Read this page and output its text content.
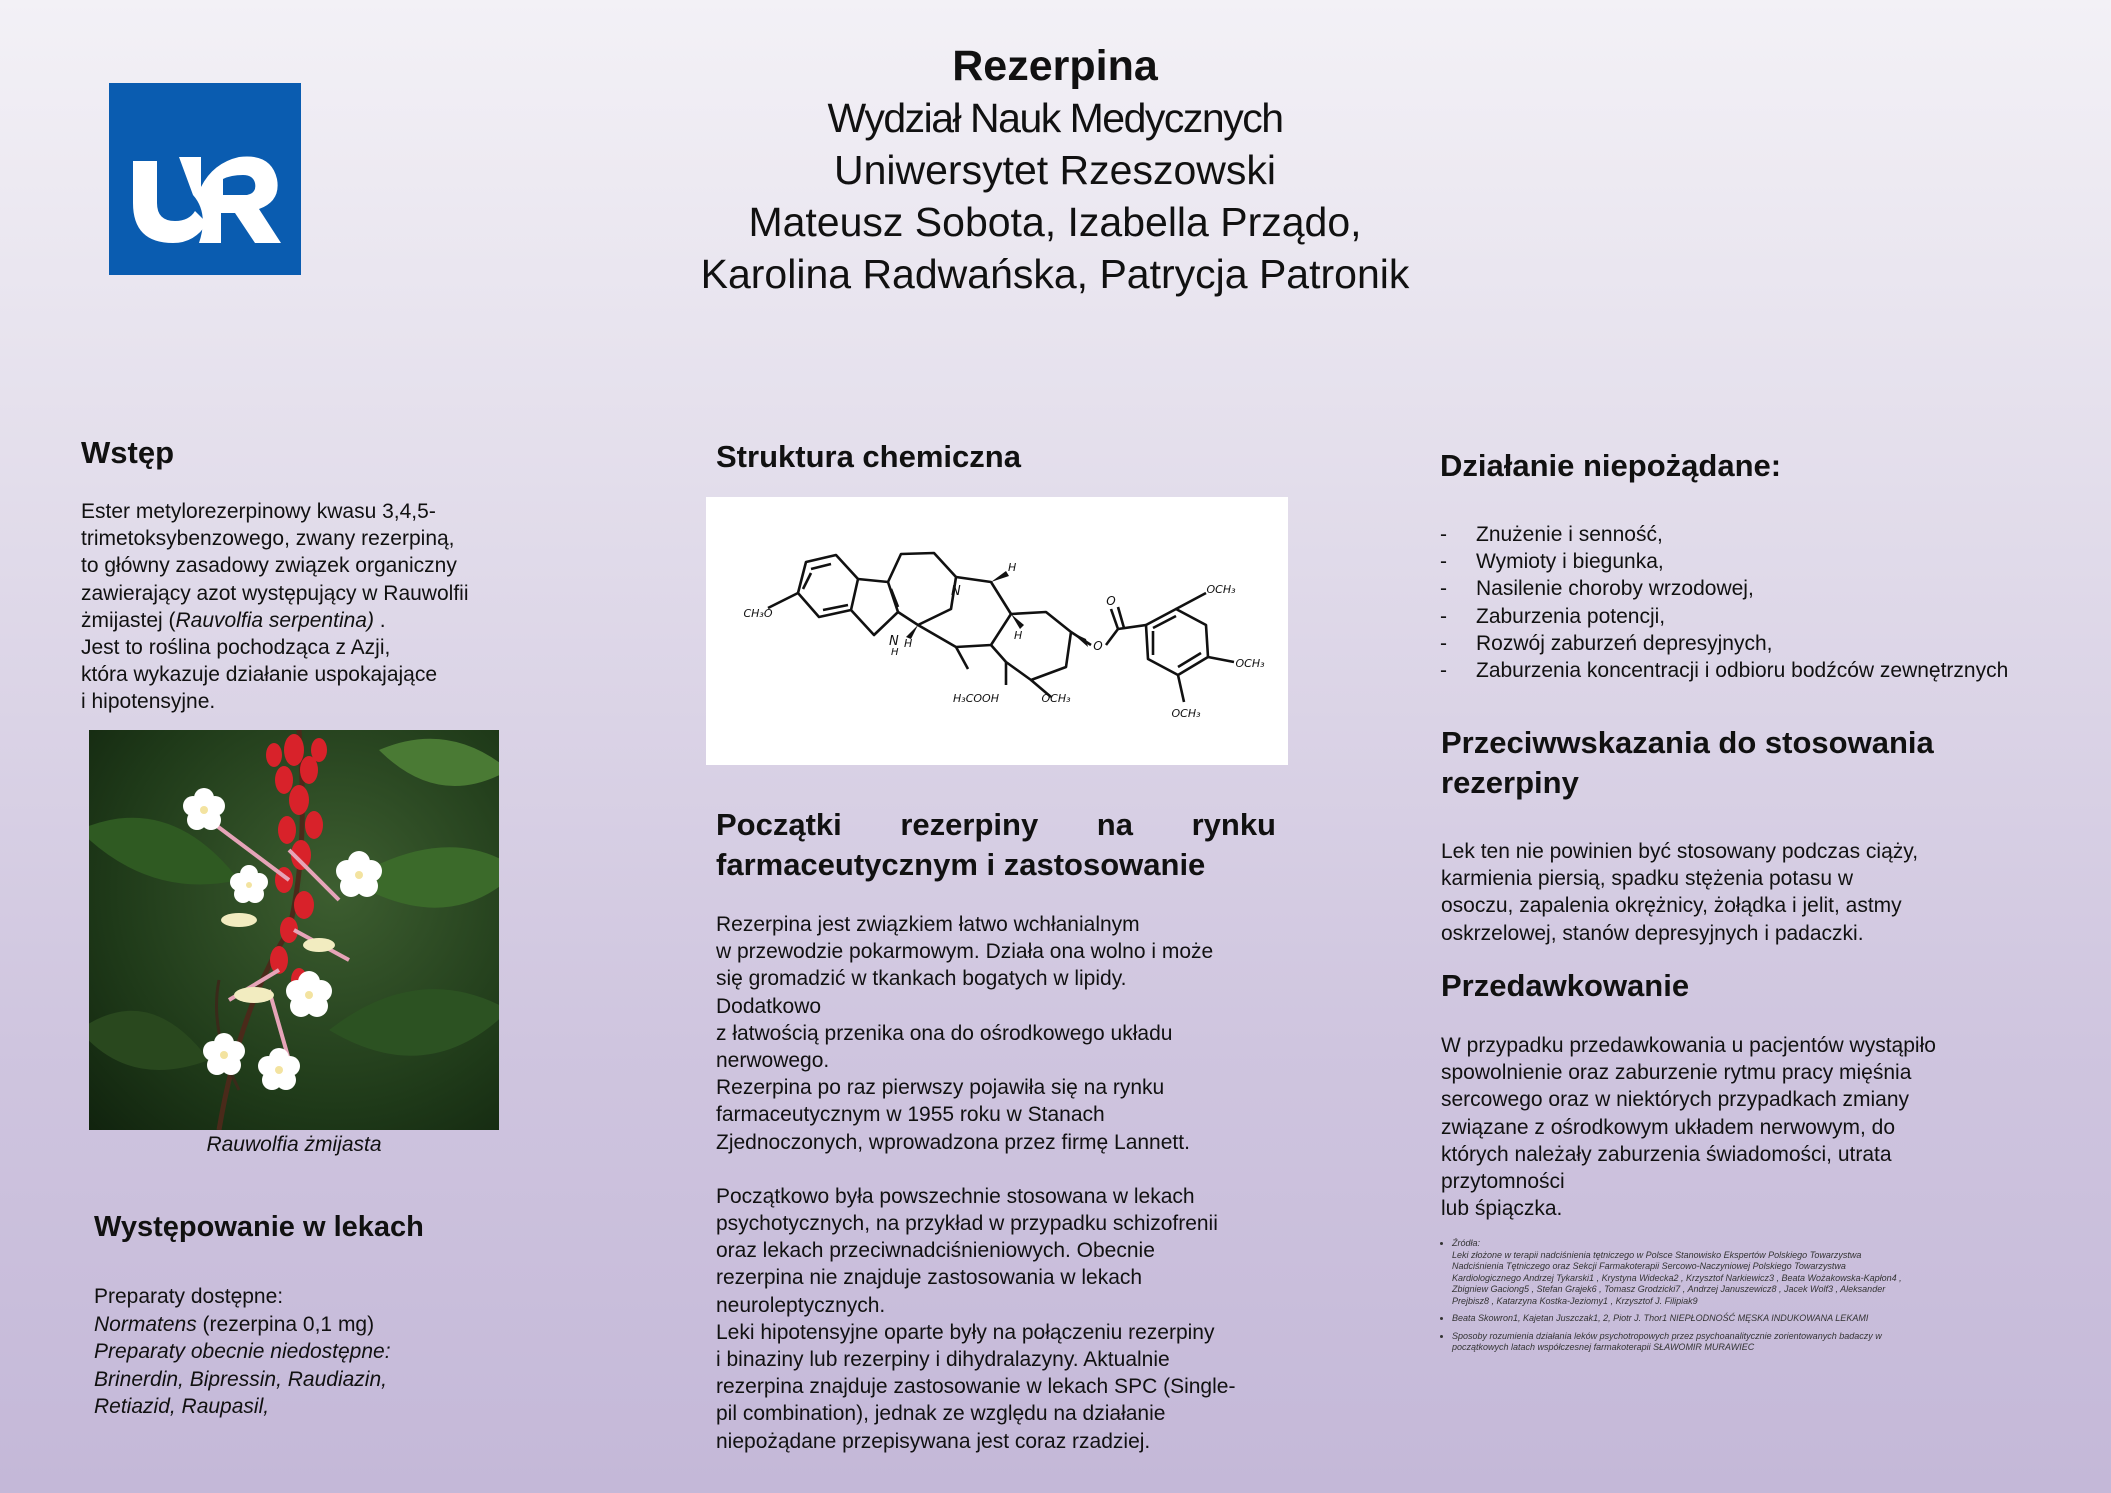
Rezerpina
Wydział Nauk Medycznych
Uniwersytet Rzeszowski
Mateusz Sobota, Izabella Prządo,
Karolina Radwańska, Patrycja Patronik
Wstęp
Ester metylorezerpinowy kwasu 3,4,5-
trimetoksybenzowego, zwany rezerpiną,
to główny zasadowy związek organiczny
zawierający azot występujący w Rauwolfii
żmijastej (Rauvolfia serpentina) .
Jest to roślina pochodząca z Azji,
która wykazuje działanie uspokajające
i hipotensyjne.
Rauwolfia żmijasta
Występowanie w lekach
Preparaty dostępne:
Normatens (rezerpina 0,1 mg)
Preparaty obecnie niedostępne:
Brinerdin, Bipressin, Raudiazin,
Retiazid, Raupasil,
Struktura chemiczna
CH₃O
N
H
N
H
H
H
H₃COOH	OCH₃
O
O
OCH₃
OCH₃
OCH₃
Początki rezerpiny na rynku
farmaceutycznym i zastosowanie
Rezerpina jest związkiem łatwo wchłanialnym
w przewodzie pokarmowym. Działa ona wolno i może
się gromadzić w tkankach bogatych w lipidy.
Dodatkowo
z łatwością przenika ona do ośrodkowego układu
nerwowego.
Rezerpina po raz pierwszy pojawiła się na rynku
farmaceutycznym w 1955 roku w Stanach
Zjednoczonych, wprowadzona przez firmę Lannett.
Początkowo była powszechnie stosowana w lekach
psychotycznych, na przykład w przypadku schizofrenii
oraz lekach przeciwnadciśnieniowych. Obecnie
rezerpina nie znajduje zastosowania w lekach
neuroleptycznych.
Leki hipotensyjne oparte były na połączeniu rezerpiny
i binaziny lub rezerpiny i dihydralazyny. Aktualnie
rezerpina znajduje zastosowanie w lekach SPC (Single-
pil combination), jednak ze względu na działanie
niepożądane przepisywana jest coraz rzadziej.
Działanie niepożądane:
- Znużenie i senność,
- Wymioty i biegunka,
- Nasilenie choroby wrzodowej,
- Zaburzenia potencji,
- Rozwój zaburzeń depresyjnych,
- Zaburzenia koncentracji i odbioru bodźców zewnętrznych
Przeciwwskazania do stosowania
rezerpiny
Lek ten nie powinien być stosowany podczas ciąży,
karmienia piersią, spadku stężenia potasu w
osoczu, zapalenia okrężnicy, żołądka i jelit, astmy
oskrzelowej, stanów depresyjnych i padaczki.
Przedawkowanie
W przypadku przedawkowania u pacjentów wystąpiło
spowolnienie oraz zaburzenie rytmu pracy mięśnia
sercowego oraz w niektórych przypadkach zmiany
związane z ośrodkowym układem nerwowym, do
których należały zaburzenia świadomości, utrata
przytomności
lub śpiączka.
• Źródła:
Leki złożone w terapii nadciśnienia tętniczego w Polsce Stanowisko Ekspertów Polskiego Towarzystwa
Nadciśnienia Tętniczego oraz Sekcji Farmakoterapii Sercowo-Naczyniowej Polskiego Towarzystwa
Kardiologicznego Andrzej Tykarski1 , Krystyna Widecka2 , Krzysztof Narkiewicz3 , Beata Wożakowska-Kapłon4 ,
Zbigniew Gaciong5 , Stefan Grajek6 , Tomasz Grodzicki7 , Andrzej Januszewicz8 , Jacek Wolf3 , Aleksander
Prejbisz8 , Katarzyna Kostka-Jeziomy1 , Krzysztof J. Filipiak9
• Beata Skowron1, Kajetan Juszczak1, 2, Piotr J. Thor1 NIEPŁODNOŚĆ MĘSKA INDUKOWANA LEKAMI
• Sposoby rozumienia działania leków psychotropowych przez psychoanalitycznie zorientowanych badaczy w
początkowych latach współczesnej farmakoterapii SŁAWOMIR MURAWIEC
